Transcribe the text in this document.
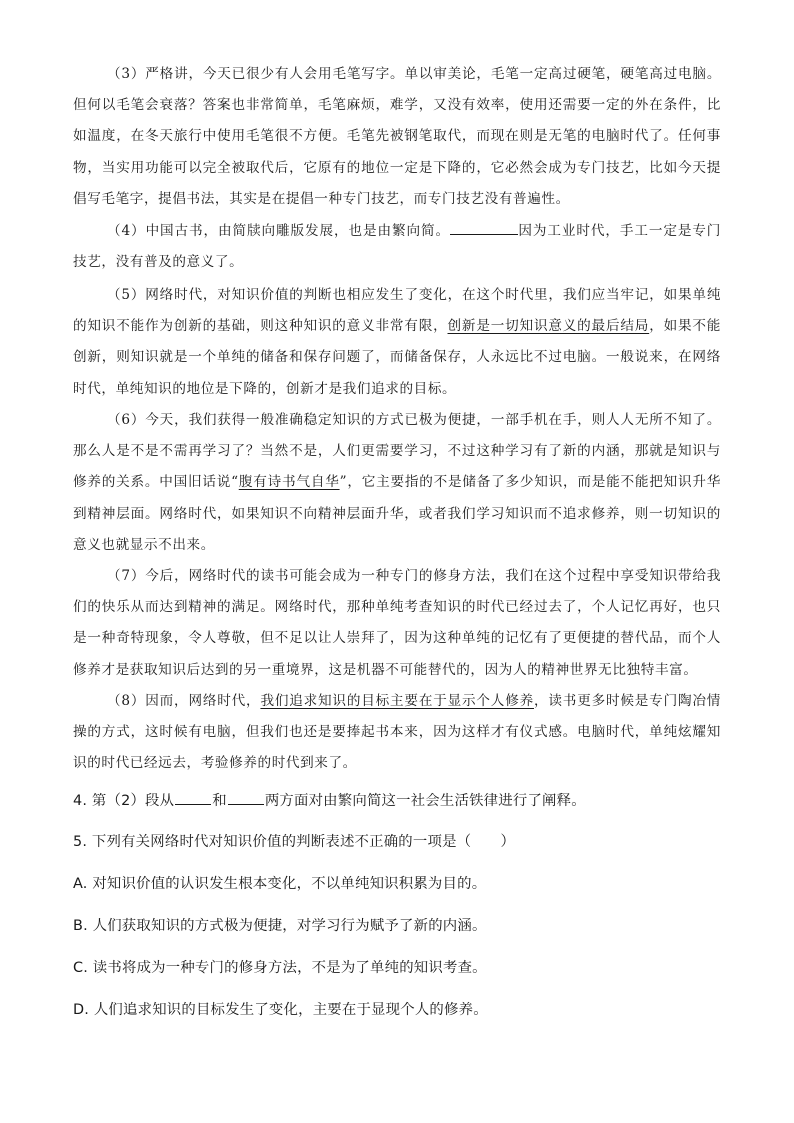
（3）严格讲，今天已很少有人会用毛笔写字。单以审美论，毛笔一定高过硬笔，硬笔高过电脑。但何以毛笔会衰落？答案也非常简单，毛笔麻烦，难学，又没有效率，使用还需要一定的外在条件，比如温度，在冬天旅行中使用毛笔很不方便。毛笔先被钢笔取代，而现在则是无笔的电脑时代了。任何事物，当实用功能可以完全被取代后，它原有的地位一定是下降的，它必然会成为专门技艺，比如今天提倡写毛笔字，提倡书法，其实是在提倡一种专门技艺，而专门技艺没有普遍性。
（4）中国古书，由简牍向雕版发展，也是由繁向简。	因为工业时代，手工一定是专门技艺，没有普及的意义了。
（5）网络时代，对知识价值的判断也相应发生了变化，在这个时代里，我们应当牢记，如果单纯的知识不能作为创新的基础，则这种知识的意义非常有限，创新是一切知识意义的最后结局，如果不能创新，则知识就是一个单纯的储备和保存问题了，而储备保存，人永远比不过电脑。一般说来，在网络时代，单纯知识的地位是下降的，创新才是我们追求的目标。
（6）今天，我们获得一般准确稳定知识的方式已极为便捷，一部手机在手，则人人无所不知了。那么人是不是不需再学习了？当然不是，人们更需要学习，不过这种学习有了新的内涵，那就是知识与修养的关系。中国旧话说“腹有诗书气自华”，它主要指的不是储备了多少知识，而是能不能把知识升华到精神层面。网络时代，如果知识不向精神层面升华，或者我们学习知识而不追求修养，则一切知识的意义也就显示不出来。
（7）今后，网络时代的读书可能会成为一种专门的修身方法，我们在这个过程中享受知识带给我们的快乐从而达到精神的满足。网络时代，那种单纯考查知识的时代已经过去了，个人记忆再好，也只是一种奇特现象，令人尊敬，但不足以让人崇拜了，因为这种单纯的记忆有了更便捷的替代品，而个人修养才是获取知识后达到的另一重境界，这是机器不可能替代的，因为人的精神世界无比独特丰富。
（8）因而，网络时代，我们追求知识的目标主要在于显示个人修养，读书更多时候是专门陶冶情操的方式，这时候有电脑，但我们也还是要捧起书本来，因为这样才有仪式感。电脑时代，单纯炫耀知识的时代已经远去，考验修养的时代到来了。
4. 第（2）段从	和	两方面对由繁向简这一社会生活铁律进行了阐释。
5. 下列有关网络时代对知识价值的判断表述不正确的一项是（　　）
A. 对知识价值的认识发生根本变化，不以单纯知识积累为目的。
B. 人们获取知识的方式极为便捷，对学习行为赋予了新的内涵。
C. 读书将成为一种专门的修身方法，不是为了单纯的知识考查。
D. 人们追求知识的目标发生了变化，主要在于显现个人的修养。
